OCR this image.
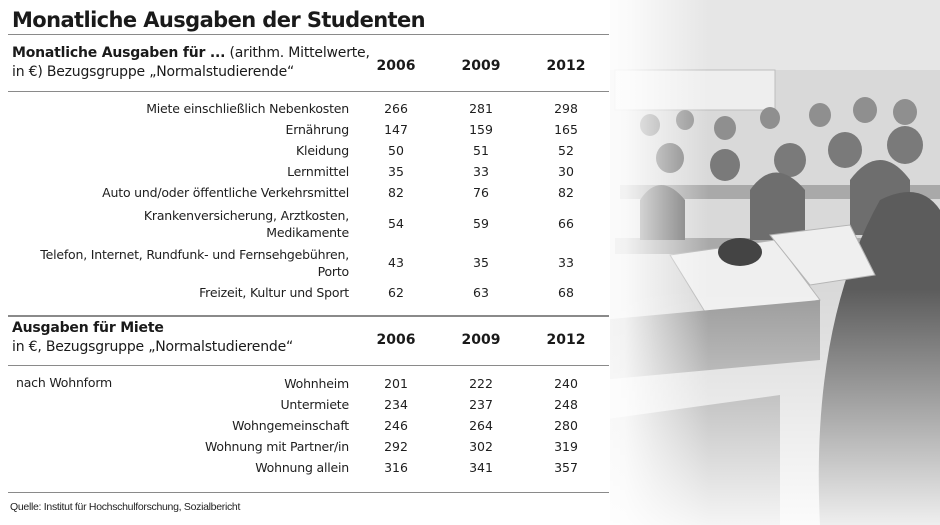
Monatliche Ausgaben der Studenten
Monatliche Ausgaben für ... (arithm. Mittelwerte,
in €) Bezugsgruppe „Normalstudierende“	2006	2009	2012
Miete einschließlich Nebenkosten	266	281	298
Ernährung	147	159	165
Kleidung	50	51	52
Lernmittel	35	33	30
Auto und/oder öffentliche Verkehrsmittel	82	76	82
Krankenversicherung, Arztkosten,
Medikamente
54	59	66
Telefon, Internet, Rundfunk- und Fernsehgebühren,
Porto
43	35	33
Freizeit, Kultur und Sport	62	63	68
Ausgaben für Miete
in €, Bezugsgruppe „Normalstudierende“	2006	2009	2012
nach Wohnform	Wohnheim	201	222	240
Untermiete	234	237	248
Wohngemeinschaft	246	264	280
Wohnung mit Partner/in	292	302	319
Wohnung allein	316	341	357
Quelle: Institut für Hochschulforschung, Sozialbericht
